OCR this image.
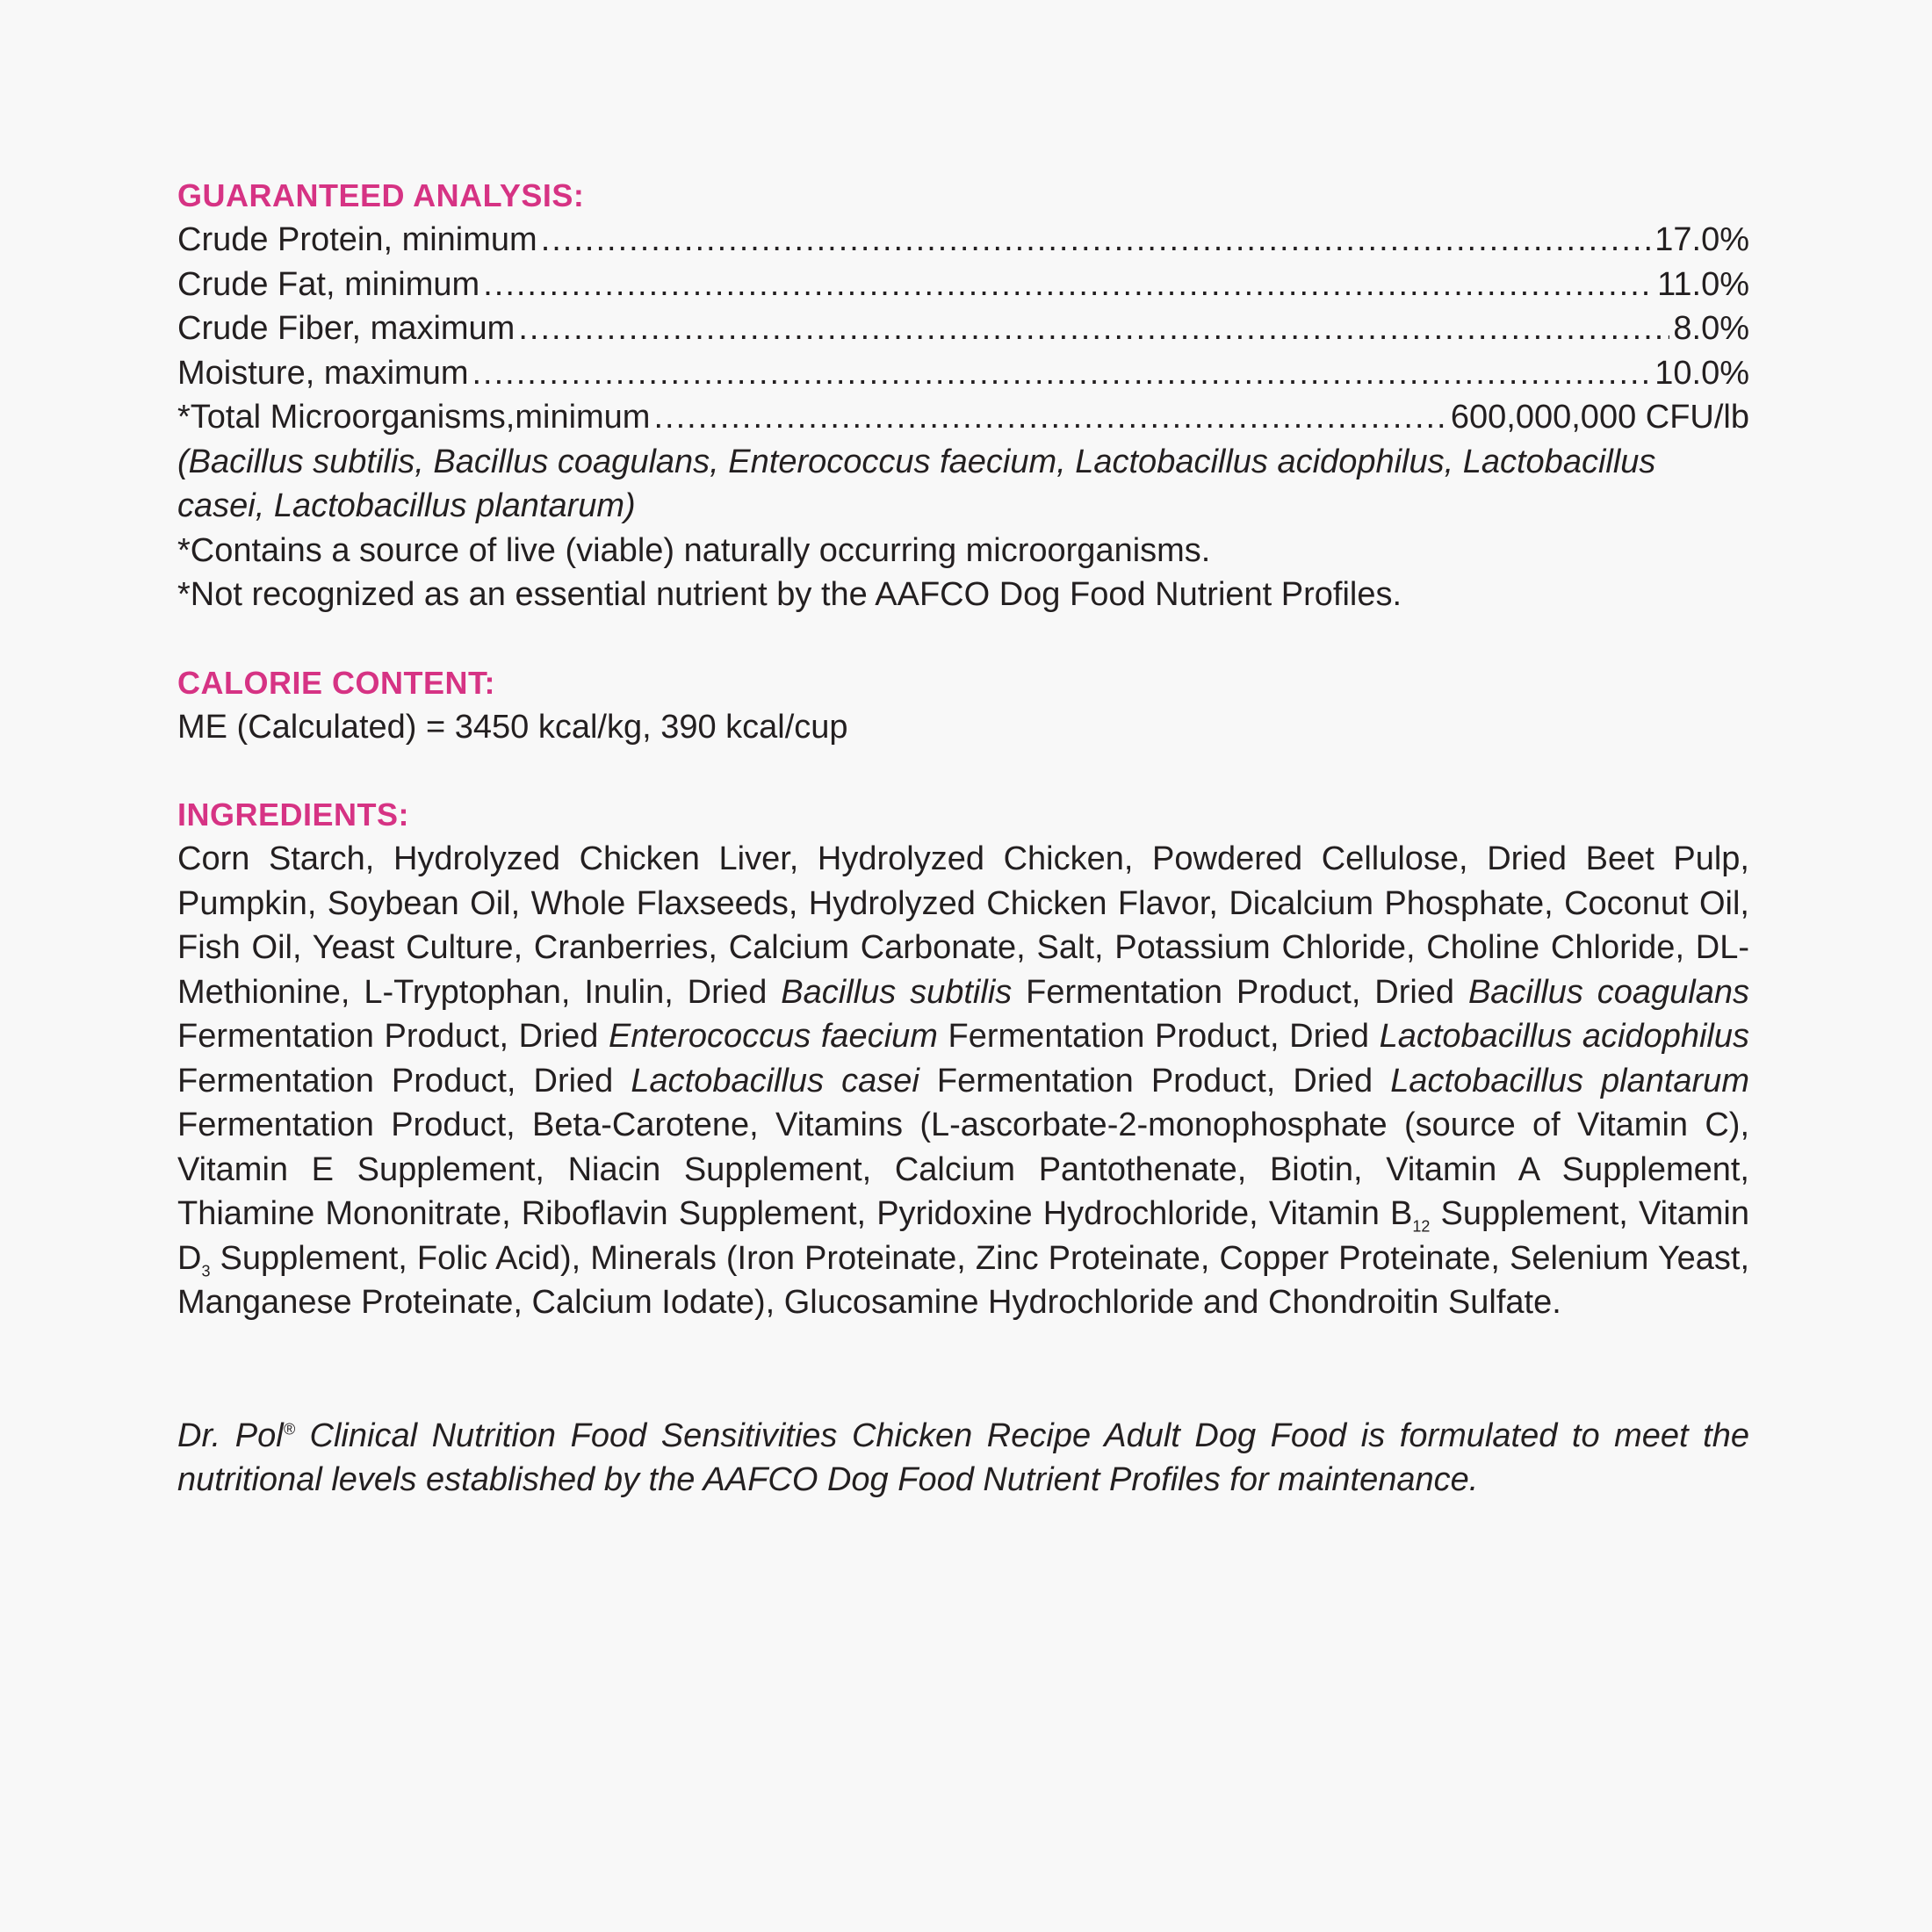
GUARANTEED ANALYSIS:
Crude Protein, minimum .....	17.0%
Crude Fat, minimum .....	11.0%
Crude Fiber, maximum .....	8.0%
Moisture, maximum .....	10.0%
*Total Microorganisms,minimum .....	600,000,000 CFU/lb
(Bacillus subtilis, Bacillus coagulans, Enterococcus faecium, Lactobacillus acidophilus, Lactobacillus casei, Lactobacillus plantarum)
*Contains a source of live (viable) naturally occurring microorganisms.
*Not recognized as an essential nutrient by the AAFCO Dog Food Nutrient Profiles.
CALORIE CONTENT:
ME (Calculated) = 3450 kcal/kg, 390 kcal/cup
INGREDIENTS:
Corn Starch, Hydrolyzed Chicken Liver, Hydrolyzed Chicken, Powdered Cellulose, Dried Beet Pulp, Pumpkin, Soybean Oil, Whole Flaxseeds, Hydrolyzed Chicken Flavor, Dicalcium Phosphate, Coconut Oil, Fish Oil, Yeast Culture, Cranberries, Calcium Carbonate, Salt, Potassium Chloride, Choline Chloride, DL-Methionine, L-Tryptophan, Inulin, Dried Bacillus subtilis Fermentation Product, Dried Bacillus coagulans Fermentation Product, Dried Enterococcus faecium Fermentation Product, Dried Lactobacillus acidophilus Fermentation Product, Dried Lactobacillus casei Fermentation Product, Dried Lactobacillus plantarum Fermentation Product, Beta-Carotene, Vitamins (L-ascorbate-2-monophosphate (source of Vitamin C), Vitamin E Supplement, Niacin Supplement, Calcium Pantothenate, Biotin, Vitamin A Supplement, Thiamine Mononitrate, Riboflavin Supplement, Pyridoxine Hydrochloride, Vitamin $B_{12}$ Supplement, Vitamin $D_3$ Supplement, Folic Acid), Minerals (Iron Proteinate, Zinc Proteinate, Copper Proteinate, Selenium Yeast, Manganese Proteinate, Calcium Iodate), Glucosamine Hydrochloride and Chondroitin Sulfate.
Dr. Pol® Clinical Nutrition Food Sensitivities Chicken Recipe Adult Dog Food is formulated to meet the nutritional levels established by the AAFCO Dog Food Nutrient Profiles for maintenance.
